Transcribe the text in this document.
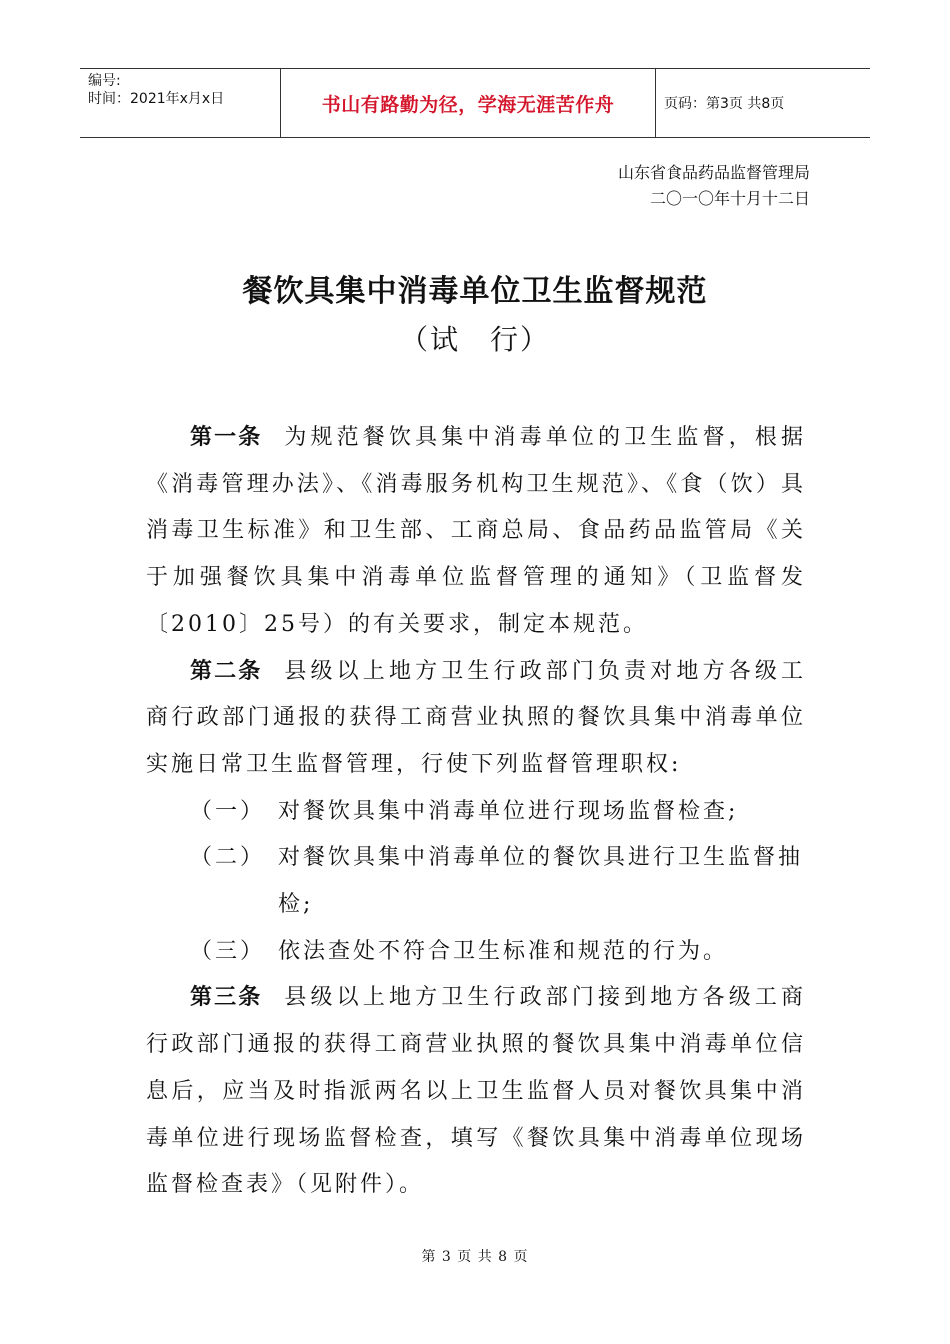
编号:
时间：2021年x月x日	书山有路勤为径，学海无涯苦作舟	页码：第3页 共8页
山东省食品药品监督管理局
二〇一〇年十月十二日
餐饮具集中消毒单位卫生监督规范
（试　行）

第一条 为规范餐饮具集中消毒单位的卫生监督，根据《消毒管理办法》、《消毒服务机构卫生规范》、《食（饮）具消毒卫生标准》和卫生部、工商总局、食品药品监管局《关于加强餐饮具集中消毒单位监督管理的通知》（卫监督发〔2010〕25号）的有关要求，制定本规范。

第二条 县级以上地方卫生行政部门负责对地方各级工商行政部门通报的获得工商营业执照的餐饮具集中消毒单位实施日常卫生监督管理，行使下列监督管理职权:

（一） 对餐饮具集中消毒单位进行现场监督检查;
（二） 对餐饮具集中消毒单位的餐饮具进行卫生监督抽检;
（三） 依法查处不符合卫生标准和规范的行为。

第三条 县级以上地方卫生行政部门接到地方各级工商行政部门通报的获得工商营业执照的餐饮具集中消毒单位信息后，应当及时指派两名以上卫生监督人员对餐饮具集中消毒单位进行现场监督检查，填写《餐饮具集中消毒单位现场监督检查表》（见附件）。

第 3 页 共 8 页
